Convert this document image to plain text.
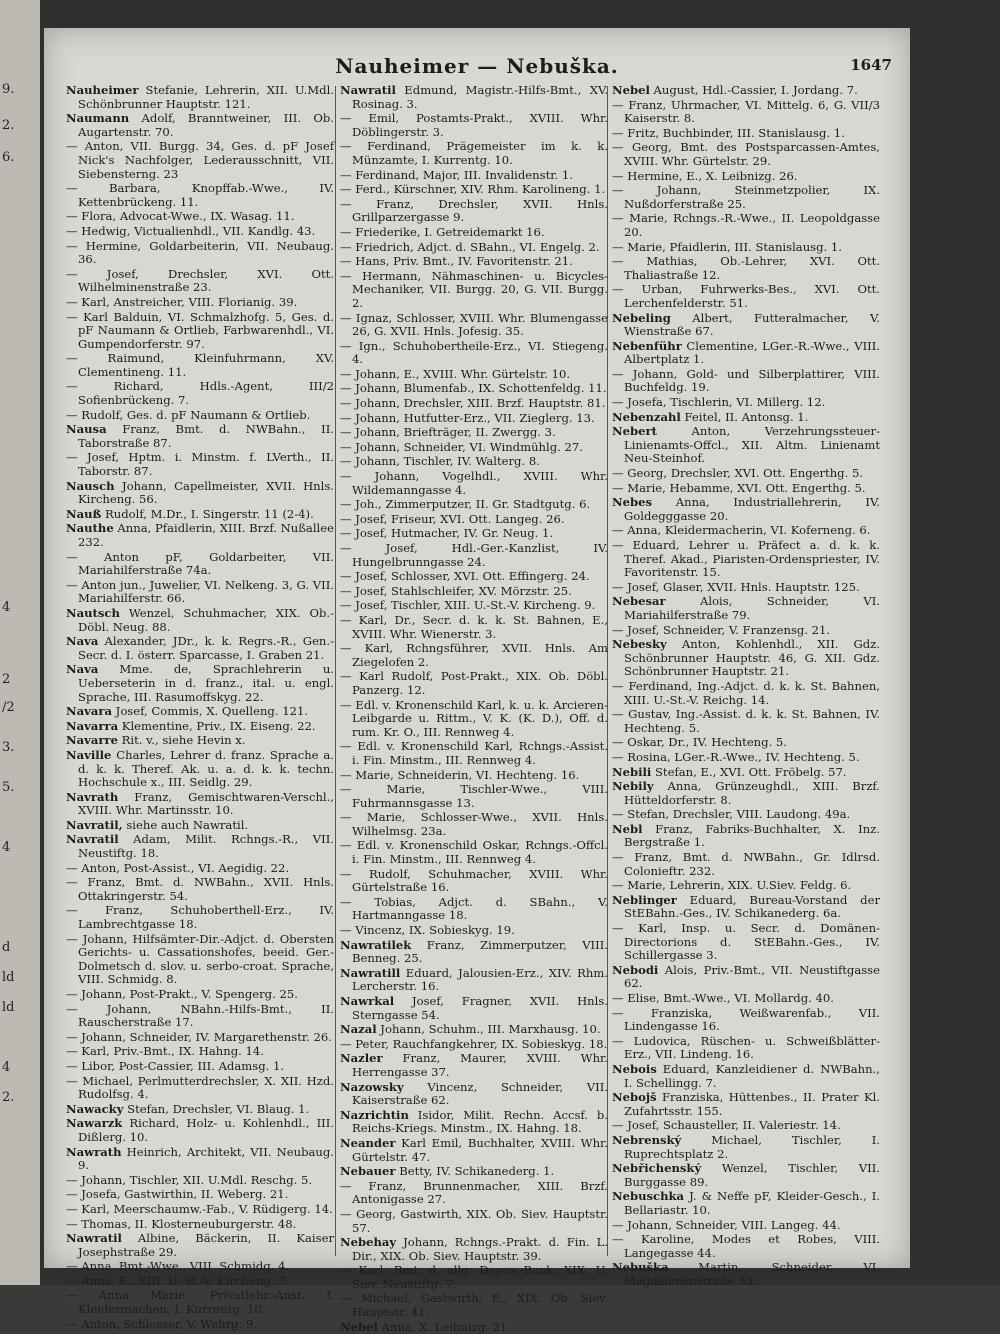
9.
2.
6.
4
2
/2
3.
5.
4
d
ld
ld
4
2.
Nauheimer — Nebuška.	1647
Nauheimer Stefanie, Lehrerin, XII. U.Mdl. Schönbrunner Hauptstr. 121.
Naumann Adolf, Branntweiner, III. Ob. Augartenstr. 70.
— Anton, VII. Burgg. 34, Ges. d. pF Josef Nick's Nachfolger, Lederausschnitt, VII. Siebensterng. 23
— Barbara, Knopffab.-Wwe., IV. Kettenbrückeng. 11.
— Flora, Advocat-Wwe., IX. Wasag. 11.
— Hedwig, Victualienhdl., VII. Kandlg. 43.
— Hermine, Goldarbeiterin, VII. Neubaug. 36.
— Josef, Drechsler, XVI. Ott. Wilhelminenstraße 23.
— Karl, Anstreicher, VIII. Florianig. 39.
— Karl Balduin, VI. Schmalzhofg. 5, Ges. d. pF Naumann & Ortlieb, Farbwarenhdl., VI. Gumpendorferstr. 97.
— Raimund, Kleinfuhrmann, XV. Clementineng. 11.
— Richard, Hdls.-Agent, III/2 Sofienbrückeng. 7.
— Rudolf, Ges. d. pF Naumann & Ortlieb.
Nausa Franz, Bmt. d. NWBahn., II. Taborstraße 87.
— Josef, Hptm. i. Minstm. f. LVerth., II. Taborstr. 87.
Nausch Johann, Capellmeister, XVII. Hnls. Kircheng. 56.
Nauß Rudolf, M.Dr., I. Singerstr. 11 (2-4).
Nauthe Anna, Pfaidlerin, XIII. Brzf. Nußallee 232.
— Anton pF, Goldarbeiter, VII. Mariahilferstraße 74a.
— Anton jun., Juwelier, VI. Nelkeng. 3, G. VII. Mariahilferstr. 66.
Nautsch Wenzel, Schuhmacher, XIX. Ob.-Döbl. Neug. 88.
Nava Alexander, JDr., k. k. Regrs.-R., Gen.-Secr. d. I. österr. Sparcasse, I. Graben 21.
Nava Mme. de, Sprachlehrerin u. Ueberseterin in d. franz., ital. u. engl. Sprache, III. Rasumoffskyg. 22.
Navara Josef, Commis, X. Quelleng. 121.
Navarra Klementine, Priv., IX. Eiseng. 22.
Navarre Rit. v., siehe Hevin x.
Naville Charles, Lehrer d. franz. Sprache a. d. k. k. Theref. Ak. u. a. d. k. k. techn. Hochschule x., III. Seidlg. 29.
Navrath Franz, Gemischtwaren-Verschl., XVIII. Whr. Martinsstr. 10.
Navratil, siehe auch Nawratil.
Navratil Adam, Milit. Rchngs.-R., VII. Neustiftg. 18.
— Anton, Post-Assist., VI. Aegidig. 22.
— Franz, Bmt. d. NWBahn., XVII. Hnls. Ottakringerstr. 54.
— Franz, Schuhoberthell-Erz., IV. Lambrechtgasse 18.
— Johann, Hilfsämter-Dir.-Adjct. d. Obersten Gerichts- u. Cassationshofes, beeid. Ger.-Dolmetsch d. slov. u. serbo-croat. Sprache, VIII. Schmidg. 8.
— Johann, Post-Prakt., V. Spengerg. 25.
— Johann, NBahn.-Hilfs-Bmt., II. Rauscherstraße 17.
— Johann, Schneider, IV. Margarethenstr. 26.
— Karl, Priv.-Bmt., IX. Hahng. 14.
— Libor, Post-Cassier, III. Adamsg. 1.
— Michael, Perlmutterdrechsler, X. XII. Hzd. Rudolfsg. 4.
Nawacky Stefan, Drechsler, VI. Blaug. 1.
Nawarzk Richard, Holz- u. Kohlenhdl., III. Dißlerg. 10.
Nawrath Heinrich, Architekt, VII. Neubaug. 9.
— Johann, Tischler, XII. U.Mdl. Reschg. 5.
— Josefa, Gastwirthin, II. Weberg. 21.
— Karl, Meerschaumw.-Fab., V. Rüdigerg. 14.
— Thomas, II. Klosterneuburgerstr. 48.
Nawratil Albine, Bäckerin, II. Kaiser Josephstraße 29.
— Anna, Bmt.-Wwe., VIII. Schmidg. 4.
— Anna, E., XIII. U.-St.-V. Kircheng. 7.
— Anna Marie, Privatlehr.-Anst. f. Kleidermachen, I. Kurrentg. 10.
— Anton, Schlosser, V. Wehrg. 9.
Nawratil Edmund, Magistr.-Hilfs-Bmt., XV. Rosinag. 3.
— Emil, Postamts-Prakt., XVIII. Whr. Döblingerstr. 3.
— Ferdinand, Prägemeister im k. k. Münzamte, I. Kurrentg. 10.
— Ferdinand, Major, III. Invalidenstr. 1.
— Ferd., Kürschner, XIV. Rhm. Karolineng. 1.
— Franz, Drechsler, XVII. Hnls. Grillparzergasse 9.
— Friederike, I. Getreidemarkt 16.
— Friedrich, Adjct. d. SBahn., VI. Engelg. 2.
— Hans, Priv. Bmt., IV. Favoritenstr. 21.
— Hermann, Nähmaschinen- u. Bicycles-Mechaniker, VII. Burgg. 20, G. VII. Burgg. 2.
— Ignaz, Schlosser, XVIII. Whr. Blumengasse 26, G. XVII. Hnls. Jofesig. 35.
— Ign., Schuhobertheile-Erz., VI. Stiegeng. 4.
— Johann, E., XVIII. Whr. Gürtelstr. 10.
— Johann, Blumenfab., IX. Schottenfeldg. 11.
— Johann, Drechsler, XIII. Brzf. Hauptstr. 81.
— Johann, Hutfutter-Erz., VII. Zieglerg. 13.
— Johann, Briefträger, II. Zwergg. 3.
— Johann, Schneider, VI. Windmühlg. 27.
— Johann, Tischler, IV. Walterg. 8.
— Johann, Vogelhdl., XVIII. Whr. Wildemanngasse 4.
— Joh., Zimmerputzer, II. Gr. Stadtgutg. 6.
— Josef, Friseur, XVI. Ott. Langeg. 26.
— Josef, Hutmacher, IV. Gr. Neug. 1.
— Josef, Hdl.-Ger.-Kanzlist, IV. Hungelbrunngasse 24.
— Josef, Schlosser, XVI. Ott. Effingerg. 24.
— Josef, Stahlschleifer, XV. Mörzstr. 25.
— Josef, Tischler, XIII. U.-St.-V. Kircheng. 9.
— Karl, Dr., Secr. d. k. k. St. Bahnen, E., XVIII. Whr. Wienerstr. 3.
— Karl, Rchngsführer, XVII. Hnls. Am Ziegelofen 2.
— Karl Rudolf, Post-Prakt., XIX. Ob. Döbl. Panzerg. 12.
— Edl. v. Kronenschild Karl, k. u. k. Arcieren-Leibgarde u. Rittm., V. K. (K. D.), Off. d. rum. Kr. O., III. Rennweg 4.
— Edl. v. Kronenschild Karl, Rchngs.-Assist. i. Fin. Minstm., III. Rennweg 4.
— Marie, Schneiderin, VI. Hechteng. 16.
— Marie, Tischler-Wwe., VIII. Fuhrmannsgasse 13.
— Marie, Schlosser-Wwe., XVII. Hnls. Wilhelmsg. 23a.
— Edl. v. Kronenschild Oskar, Rchngs.-Offcl. i. Fin. Minstm., III. Rennweg 4.
— Rudolf, Schuhmacher, XVIII. Whr. Gürtelstraße 16.
— Tobias, Adjct. d. SBahn., V. Hartmanngasse 18.
— Vincenz, IX. Sobieskyg. 19.
Nawratilek Franz, Zimmerputzer, VIII. Benneg. 25.
Nawratill Eduard, Jalousien-Erz., XIV. Rhm. Lercherstr. 16.
Nawrkal Josef, Fragner, XVII. Hnls. Sterngasse 54.
Nazal Johann, Schuhm., III. Marxhausg. 10.
— Peter, Rauchfangkehrer, IX. Sobieskyg. 18.
Nazler Franz, Maurer, XVIII. Whr. Herrengasse 37.
Nazowsky Vincenz, Schneider, VII. Kaiserstraße 62.
Nazrichtin Isidor, Milit. Rechn. Accsf. b. Reichs-Kriegs. Minstm., IX. Hahng. 18.
Neander Karl Emil, Buchhalter, XVIII. Whr. Gürtelstr. 47.
Nebauer Betty, IV. Schikanederg. 1.
— Franz, Brunnenmacher, XIII. Brzf. Antonigasse 27.
— Georg, Gastwirth, XIX. Ob. Siev. Hauptstr. 57.
Nebehay Johann, Rchngs.-Prakt. d. Fin. L. Dir., XIX. Ob. Siev. Hauptstr. 39.
— Karl, Bmt. d. allg. Depos.-Bank, XIX. U. Siev. Neustiftg. 7.
— Michael, Gastwirth, E., XIX. Ob. Siev. Hauptstr. 41.
Nebel Anna, X. Leibnizg. 21.
Nebel August, Hdl.-Cassier, I. Jordang. 7.
— Franz, Uhrmacher, VI. Mittelg. 6, G. VII/3 Kaiserstr. 8.
— Fritz, Buchbinder, III. Stanislausg. 1.
— Georg, Bmt. des Postsparcassen-Amtes, XVIII. Whr. Gürtelstr. 29.
— Hermine, E., X. Leibnizg. 26.
— Johann, Steinmetzpolier, IX. Nußdorferstraße 25.
— Marie, Rchngs.-R.-Wwe., II. Leopoldgasse 20.
— Marie, Pfaidlerin, III. Stanislausg. 1.
— Mathias, Ob.-Lehrer, XVI. Ott. Thaliastraße 12.
— Urban, Fuhrwerks-Bes., XVI. Ott. Lerchenfelderstr. 51.
Nebeling Albert, Futteralmacher, V. Wienstraße 67.
Nebenführ Clementine, LGer.-R.-Wwe., VIII. Albertplatz 1.
— Johann, Gold- und Silberplattirer, VIII. Buchfeldg. 19.
— Josefa, Tischlerin, VI. Millerg. 12.
Nebenzahl Feitel, II. Antonsg. 1.
Nebert Anton, Verzehrungssteuer-Linienamts-Offcl., XII. Altm. Linienamt Neu-Steinhof.
— Georg, Drechsler, XVI. Ott. Engerthg. 5.
— Marie, Hebamme, XVI. Ott. Engerthg. 5.
Nebes Anna, Industriallehrerin, IV. Goldegggasse 20.
— Anna, Kleidermacherin, VI. Koferneng. 6.
— Eduard, Lehrer u. Präfect a. d. k. k. Theref. Akad., Piaristen-Ordenspriester, IV. Favoritenstr. 15.
— Josef, Glaser, XVII. Hnls. Hauptstr. 125.
Nebesar Alois, Schneider, VI. Mariahilferstraße 79.
— Josef, Schneider, V. Franzensg. 21.
Nebesky Anton, Kohlenhdl., XII. Gdz. Schönbrunner Hauptstr. 46, G. XII. Gdz. Schönbrunner Hauptstr. 21.
— Ferdinand, Ing.-Adjct. d. k. k. St. Bahnen, XIII. U.-St.-V. Reichg. 14.
— Gustav, Ing.-Assist. d. k. k. St. Bahnen, IV. Hechteng. 5.
— Oskar, Dr., IV. Hechteng. 5.
— Rosina, LGer.-R.-Wwe., IV. Hechteng. 5.
Nebili Stefan, E., XVI. Ott. Fröbelg. 57.
Nebily Anna, Grünzeughdl., XIII. Brzf. Hütteldorferstr. 8.
— Stefan, Drechsler, VIII. Laudong. 49a.
Nebl Franz, Fabriks-Buchhalter, X. Inz. Bergstraße 1.
— Franz, Bmt. d. NWBahn., Gr. Idlrsd. Colonieftr. 232.
— Marie, Lehrerin, XIX. U.Siev. Feldg. 6.
Neblinger Eduard, Bureau-Vorstand der StEBahn.-Ges., IV. Schikanederg. 6a.
— Karl, Insp. u. Secr. d. Domänen-Directorions d. StEBahn.-Ges., IV. Schillergasse 3.
Nebodi Alois, Priv.-Bmt., VII. Neustiftgasse 62.
— Elise, Bmt.-Wwe., VI. Mollardg. 40.
— Franziska, Weißwarenfab., VII. Lindengasse 16.
— Ludovica, Rüschen- u. Schweißblätter-Erz., VII. Lindeng. 16.
Nebois Eduard, Kanzleidiener d. NWBahn., I. Schellingg. 7.
Nebojš Franziska, Hüttenbes., II. Prater Kl. Zufahrtsstr. 155.
— Josef, Schausteller, II. Valeriestr. 14.
Nebrenský Michael, Tischler, I. Ruprechtsplatz 2.
Nebřichenský Wenzel, Tischler, VII. Burggasse 89.
Nebuschka J. & Neffe pF, Kleider-Gesch., I. Bellariastr. 10.
— Johann, Schneider, VIII. Langeg. 44.
— Karoline, Modes et Robes, VIII. Langegasse 44.
Nebuška Martin, Schneider, VI. Magdalenenstraße 33.
